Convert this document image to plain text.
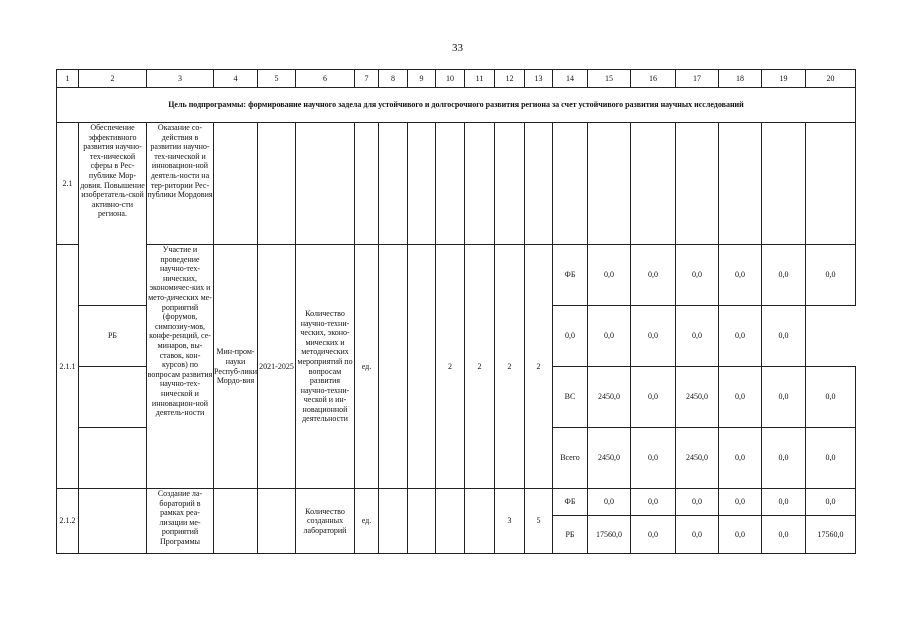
33
1	2	3	4	5	6	7	8	9	10	11	12	13	14	15	16	17	18	19	20
Цель подпрограммы: формирование научного задела для устойчивого и долгосрочного развития региона за счет устойчивого развития научных исследований																			
2.1	Обеспечение эффективного развития научно-тех-нической сферы в Рес-публике Мор-довия. Повышение изобретатель-ской активно-сти региона.	Оказание со-действия в развитии научно-тех-нической и инновацион-ной деятель-ности на тер-ритории Рес-публики Мордовия																	
2.1.1		Участие и проведение научно-тех-нических, экономичес-ких и мето-дических ме-роприятий (форумов, симпозиу-мов, конфе-ренций, се-минаров, вы-ставок, кон-курсов) по вопросам развития научно-тех-нической и инновацион-ной деятель-ности	Мин-пром-науки Респуб-лики Мордо-вия	2021-2025	Количество научно-техни-ческих, эконо-мических и методических мероприятий по вопросам развития научно-техни-ческой и ин-новационной деятельности	ед.			2	2	2	2	ФБ	0,0	0,0	0,0	0,0	0,0	0,0
	РБ												0,0	0,0	0,0	0,0	0,0	0,0	
													ВС	2450,0	0,0	2450,0	0,0	0,0	0,0
													Всего	2450,0	0,0	2450,0	0,0	0,0	0,0
2.1.2		Создание ла-бораторий в рамках реа-лизации ме-роприятий Программы			Количество созданных лабораторий	ед.					3	5	ФБ	0,0	0,0	0,0	0,0	0,0	0,0
													РБ	17560,0	0,0	0,0	0,0	0,0	17560,0
